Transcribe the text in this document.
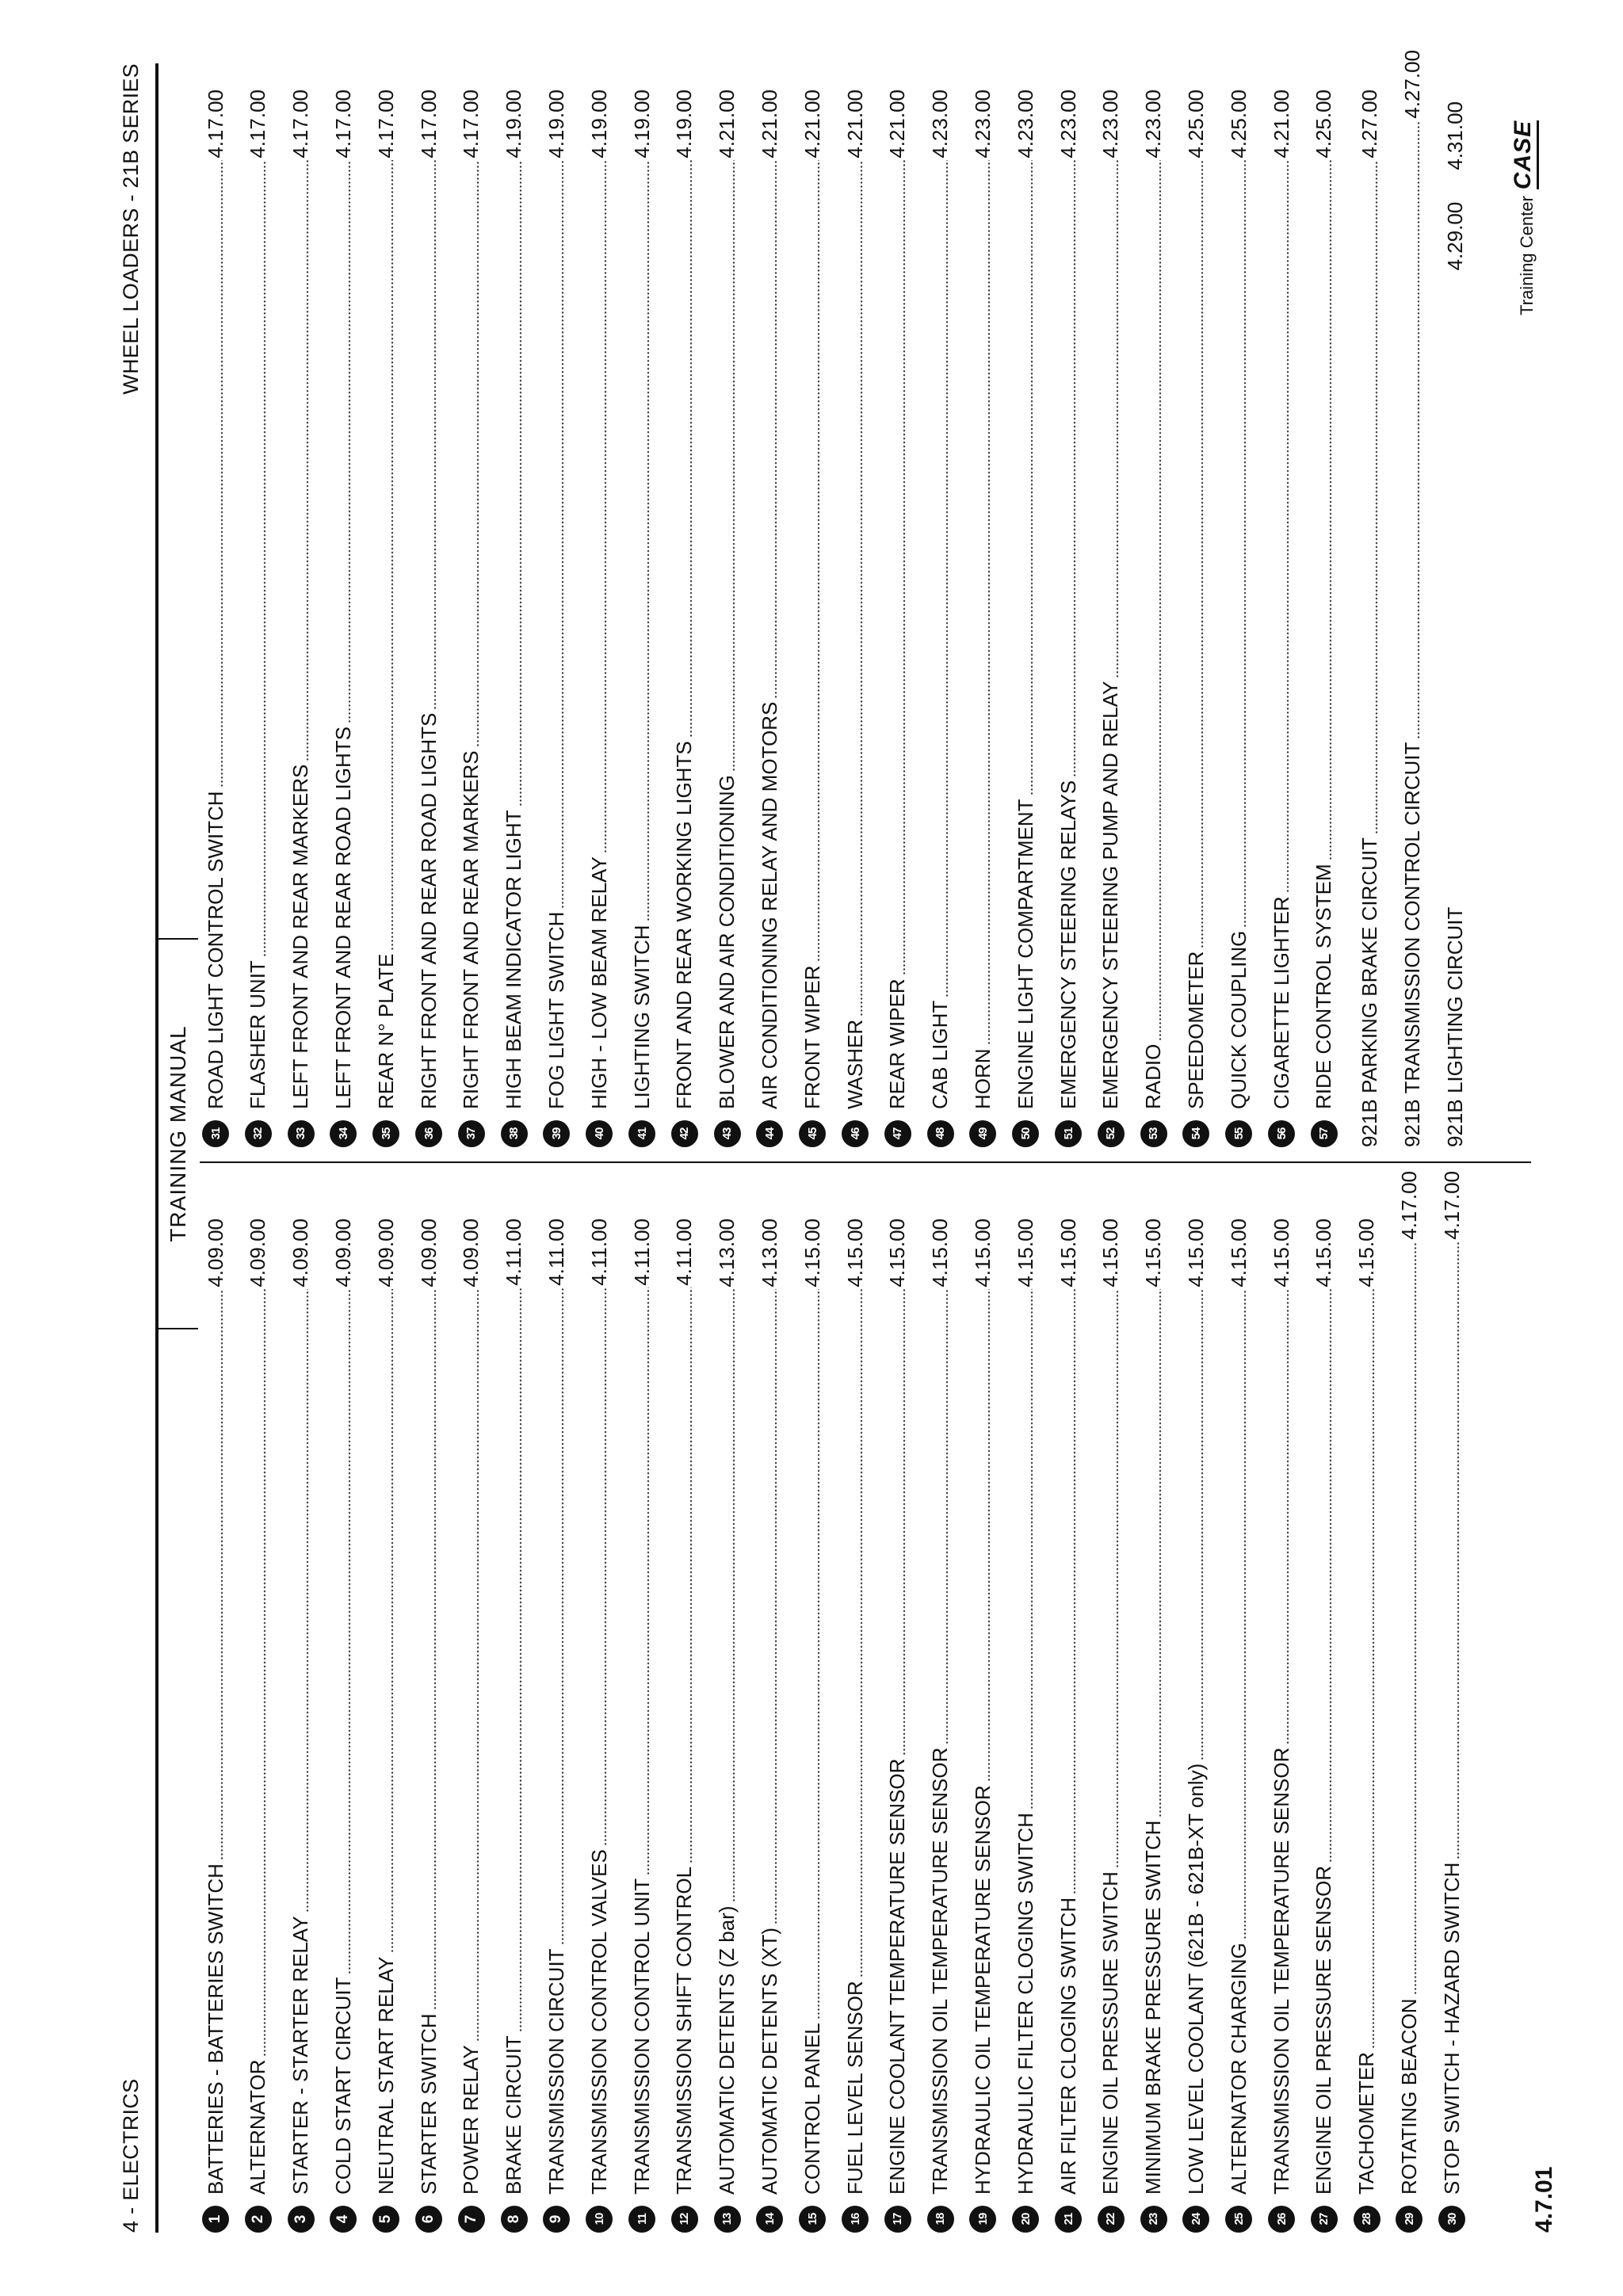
4 - ELECTRICS
WHEEL LOADERS - 21B SERIES
TRAINING MANUAL
1
BATTERIES - BATTERIES SWITCH
4.09.00
2
ALTERNATOR
4.09.00
3
STARTER - STARTER RELAY
4.09.00
4
COLD START CIRCUIT
4.09.00
5
NEUTRAL START RELAY
4.09.00
6
STARTER SWITCH
4.09.00
7
POWER RELAY
4.09.00
8
BRAKE CIRCUIT
4.11.00
9
TRANSMISSION CIRCUIT
4.11.00
10
TRANSMISSION CONTROL VALVES
4.11.00
11
TRANSMISSION CONTROL UNIT
4.11.00
12
TRANSMISSION SHIFT CONTROL
4.11.00
13
AUTOMATIC DETENTS (Z bar)
4.13.00
14
AUTOMATIC DETENTS (XT)
4.13.00
15
CONTROL PANEL
4.15.00
16
FUEL LEVEL SENSOR
4.15.00
17
ENGINE COOLANT TEMPERATURE SENSOR
4.15.00
18
TRANSMISSION OIL TEMPERATURE SENSOR
4.15.00
19
HYDRAULIC OIL TEMPERATURE SENSOR
4.15.00
20
HYDRAULIC FILTER CLOGING SWITCH
4.15.00
21
AIR FILTER CLOGING SWITCH
4.15.00
22
ENGINE OIL PRESSURE SWITCH
4.15.00
23
MINIMUM BRAKE PRESSURE SWITCH
4.15.00
24
LOW LEVEL COOLANT (621B - 621B-XT only)
4.15.00
25
ALTERNATOR CHARGING
4.15.00
26
TRANSMISSION OIL TEMPERATURE SENSOR
4.15.00
27
ENGINE OIL PRESSURE SENSOR
4.15.00
28
TACHOMETER
4.15.00
29
ROTATING BEACON
4.17.00
30
STOP SWITCH - HAZARD SWITCH
4.17.00
31
ROAD LIGHT CONTROL SWITCH
4.17.00
32
FLASHER UNIT
4.17.00
33
LEFT FRONT AND REAR MARKERS
4.17.00
34
LEFT FRONT AND REAR ROAD LIGHTS
4.17.00
35
REAR N° PLATE
4.17.00
36
RIGHT FRONT AND REAR ROAD LIGHTS
4.17.00
37
RIGHT FRONT AND REAR MARKERS
4.17.00
38
HIGH BEAM INDICATOR LIGHT
4.19.00
39
FOG LIGHT SWITCH
4.19.00
40
HIGH - LOW BEAM RELAY
4.19.00
41
LIGHTING SWITCH
4.19.00
42
FRONT AND REAR WORKING LIGHTS
4.19.00
43
BLOWER AND AIR CONDITIONING
4.21.00
44
AIR CONDITIONING RELAY AND MOTORS
4.21.00
45
FRONT WIPER
4.21.00
46
WASHER
4.21.00
47
REAR WIPER
4.21.00
48
CAB LIGHT
4.23.00
49
HORN
4.23.00
50
ENGINE LIGHT COMPARTMENT
4.23.00
51
EMERGENCY STEERING RELAYS
4.23.00
52
EMERGENCY STEERING PUMP AND RELAY
4.23.00
53
RADIO
4.23.00
54
SPEEDOMETER
4.25.00
55
QUICK COUPLING
4.25.00
56
CIGARETTE LIGHTER
4.21.00
57
RIDE CONTROL SYSTEM
4.25.00
921B PARKING BRAKE CIRCUIT
4.27.00
921B TRANSMISSION CONTROL CIRCUIT
4.27.00
921B LIGHTING CIRCUIT
4.29.00
4.31.00
4.7.01
Training Center
CASE
